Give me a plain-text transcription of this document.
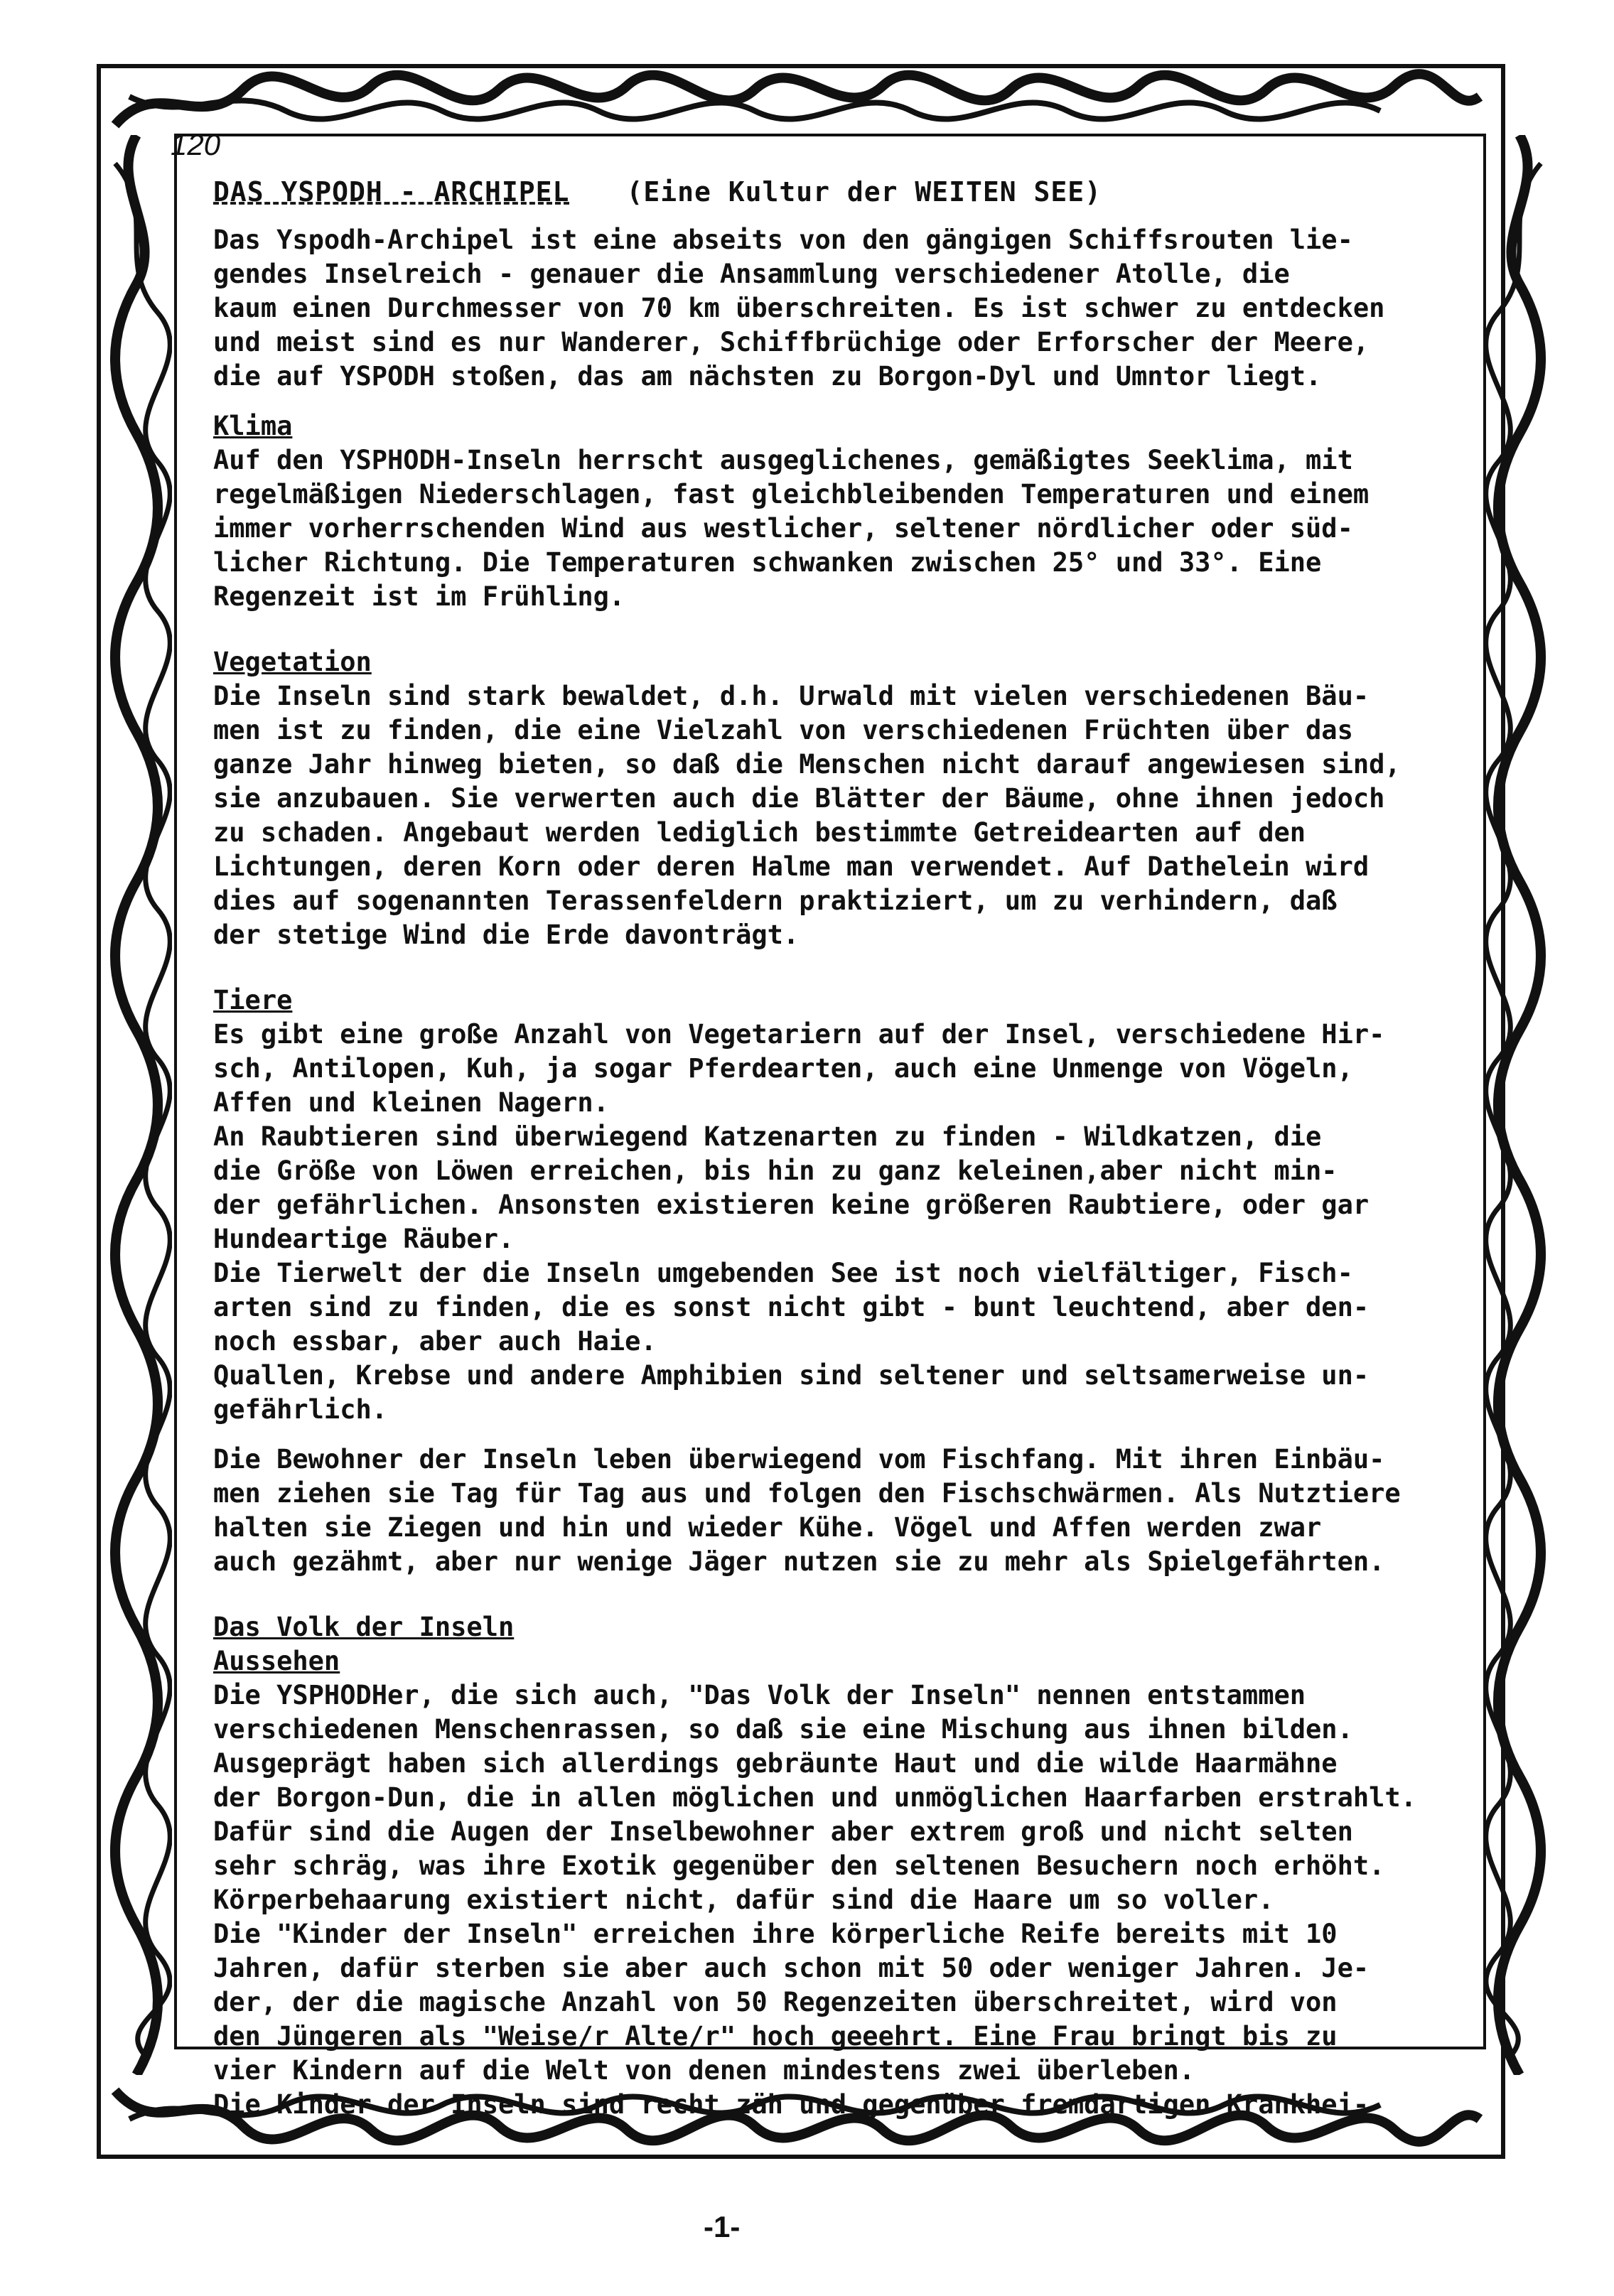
120
DAS YSPODH - ARCHIPEL (Eine Kultur der WEITEN SEE)

Das Yspodh-Archipel ist eine abseits von den gängigen Schiffsrouten lie-
gendes Inselreich - genauer die Ansammlung verschiedener Atolle, die
kaum einen Durchmesser von 70 km überschreiten. Es ist schwer zu entdecken
und meist sind es nur Wanderer, Schiffbrüchige oder Erforscher der Meere,
die auf YSPODH stoßen, das am nächsten zu Borgon-Dyl und Umntor liegt.

Klima

Auf den YSPHODH-Inseln herrscht ausgeglichenes, gemäßigtes Seeklima, mit
regelmäßigen Niederschlagen, fast gleichbleibenden Temperaturen und einem
immer vorherrschenden Wind aus westlicher, seltener nördlicher oder süd-
licher Richtung. Die Temperaturen schwanken zwischen 25° und 33°. Eine
Regenzeit ist im Frühling.

Vegetation

Die Inseln sind stark bewaldet, d.h. Urwald mit vielen verschiedenen Bäu-
men ist zu finden, die eine Vielzahl von verschiedenen Früchten über das
ganze Jahr hinweg bieten, so daß die Menschen nicht darauf angewiesen sind,
sie anzubauen. Sie verwerten auch die Blätter der Bäume, ohne ihnen jedoch
zu schaden. Angebaut werden lediglich bestimmte Getreidearten auf den
Lichtungen, deren Korn oder deren Halme man verwendet. Auf Dathelein wird
dies auf sogenannten Terassenfeldern praktiziert, um zu verhindern, daß
der stetige Wind die Erde davonträgt.

Tiere

Es gibt eine große Anzahl von Vegetariern auf der Insel, verschiedene Hir-
sch, Antilopen, Kuh, ja sogar Pferdearten, auch eine Unmenge von Vögeln,
Affen und kleinen Nagern.
An Raubtieren sind überwiegend Katzenarten zu finden - Wildkatzen, die
die Größe von Löwen erreichen, bis hin zu ganz keleinen,aber nicht min-
der gefährlichen. Ansonsten existieren keine größeren Raubtiere, oder gar
Hundeartige Räuber.
Die Tierwelt der die Inseln umgebenden See ist noch vielfältiger, Fisch-
arten sind zu finden, die es sonst nicht gibt - bunt leuchtend, aber den-
noch essbar, aber auch Haie.
Quallen, Krebse und andere Amphibien sind seltener und seltsamerweise un-
gefährlich.

Die Bewohner der Inseln leben überwiegend vom Fischfang. Mit ihren Einbäu-
men ziehen sie Tag für Tag aus und folgen den Fischschwärmen. Als Nutztiere
halten sie Ziegen und hin und wieder Kühe. Vögel und Affen werden zwar
auch gezähmt, aber nur wenige Jäger nutzen sie zu mehr als Spielgefährten.

Das Volk der Inseln
Aussehen

Die YSPHODHer, die sich auch, "Das Volk der Inseln" nennen entstammen
verschiedenen Menschenrassen, so daß sie eine Mischung aus ihnen bilden.
Ausgeprägt haben sich allerdings gebräunte Haut und die wilde Haarmähne
der Borgon-Dun, die in allen möglichen und unmöglichen Haarfarben erstrahlt.
Dafür sind die Augen der Inselbewohner aber extrem groß und nicht selten
sehr schräg, was ihre Exotik gegenüber den seltenen Besuchern noch erhöht.
Körperbehaarung existiert nicht, dafür sind die Haare um so voller.
Die "Kinder der Inseln" erreichen ihre körperliche Reife bereits mit 10
Jahren, dafür sterben sie aber auch schon mit 50 oder weniger Jahren. Je-
der, der die magische Anzahl von 50 Regenzeiten überschreitet, wird von
den Jüngeren als "Weise/r Alte/r" hoch geeehrt. Eine Frau bringt bis zu
vier Kindern auf die Welt von denen mindestens zwei überleben.
Die Kinder der Inseln sind recht zäh und gegenüber fremdartigen Krankhei-

-1-
